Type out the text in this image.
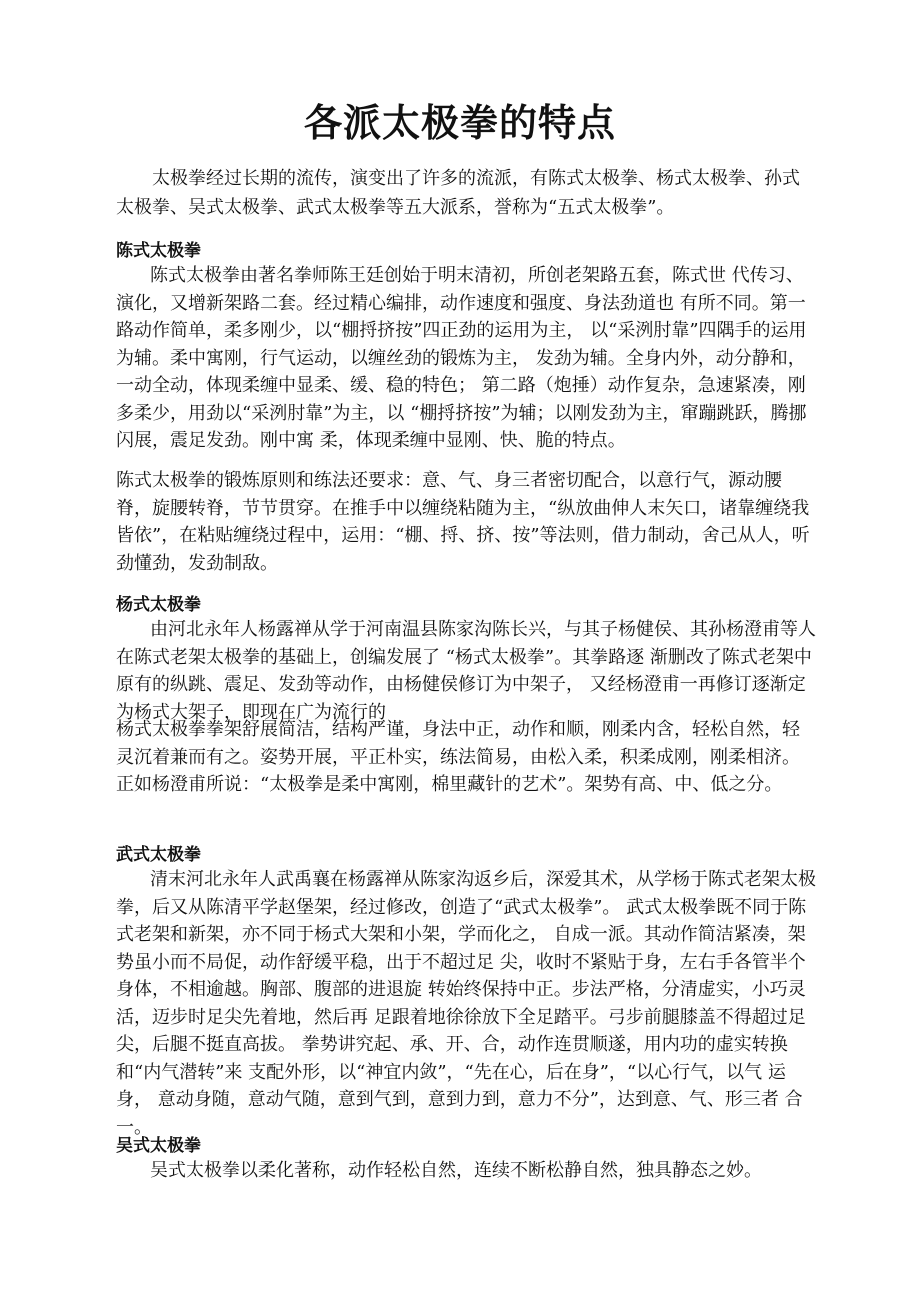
各派太极拳的特点

太极拳经过长期的流传，演变出了许多的流派，有陈式太极拳、杨式太极拳、孙式太极拳、吴式太极拳、武式太极拳等五大派系，誉称为“五式太极拳”。

陈式太极拳

陈式太极拳由著名拳师陈王廷创始于明末清初，所创老架路五套，陈式世 代传习、演化，又增新架路二套。经过精心编排，动作速度和强度、身法劲道也 有所不同。第一路动作简单，柔多刚少，以“棚捋挤按”四正劲的运用为主， 以“采洌肘靠”四隅手的运用为辅。柔中寓刚，行气运动，以缠丝劲的锻炼为主， 发劲为辅。全身内外，动分静和，一动全动，体现柔缠中显柔、缓、稳的特色； 第二路（炮捶）动作复杂，急速紧凑，刚多柔少，用劲以“采洌肘靠”为主，以 “棚捋挤按”为辅；以刚发劲为主，窜蹦跳跃，腾挪闪展，震足发劲。刚中寓 柔，体现柔缠中显刚、快、脆的特点。

陈式太极拳的锻炼原则和练法还要求：意、气、身三者密切配合，以意行气，源动腰脊，旋腰转脊，节节贯穿。在推手中以缠绕粘随为主，“纵放曲伸人末矢口，诸靠缠绕我皆依”，在粘贴缠绕过程中，运用：“棚、捋、挤、按”等法则，借力制动，舍己从人，听劲懂劲，发劲制敌。

杨式太极拳

由河北永年人杨露禅从学于河南温县陈家沟陈长兴，与其子杨健侯、其孙杨澄甫等人在陈式老架太极拳的基础上，创编发展了 “杨式太极拳”。其拳路逐 渐删改了陈式老架中原有的纵跳、震足、发劲等动作，由杨健侯修订为中架子， 又经杨澄甫一再修订逐渐定为杨式大架子，即现在广为流行的

杨式太极拳拳架舒展简洁，结构严谨，身法中正，动作和顺，刚柔内含，轻松自然，轻灵沉着兼而有之。姿势开展，平正朴实，练法简易，由松入柔，积柔成刚，刚柔相济。正如杨澄甫所说：“太极拳是柔中寓刚，棉里藏针的艺术”。架势有高、中、低之分。

武式太极拳

清末河北永年人武禹襄在杨露禅从陈家沟返乡后，深爱其术，从学杨于陈式老架太极拳，后又从陈清平学赵堡架，经过修改，创造了“武式太极拳”。 武式太极拳既不同于陈式老架和新架，亦不同于杨式大架和小架，学而化之， 自成一派。其动作简洁紧凑，架势虽小而不局促，动作舒缓平稳，出于不超过足 尖，收时不紧贴于身，左右手各管半个身体，不相逾越。胸部、腹部的进退旋 转始终保持中正。步法严格，分清虚实，小巧灵活，迈步时足尖先着地，然后再 足跟着地徐徐放下全足踏平。弓步前腿膝盖不得超过足尖，后腿不挺直高拔。 拳势讲究起、承、开、合，动作连贯顺遂，用内功的虚实转换和“内气潜转”来 支配外形，以“神宜内敛”，“先在心，后在身”，“以心行气，以气 运身， 意动身随，意动气随，意到气到，意到力到，意力不分”，达到意、气、形三者 合一。

吴式太极拳

吴式太极拳以柔化著称，动作轻松自然，连续不断松静自然，独具静态之妙。
